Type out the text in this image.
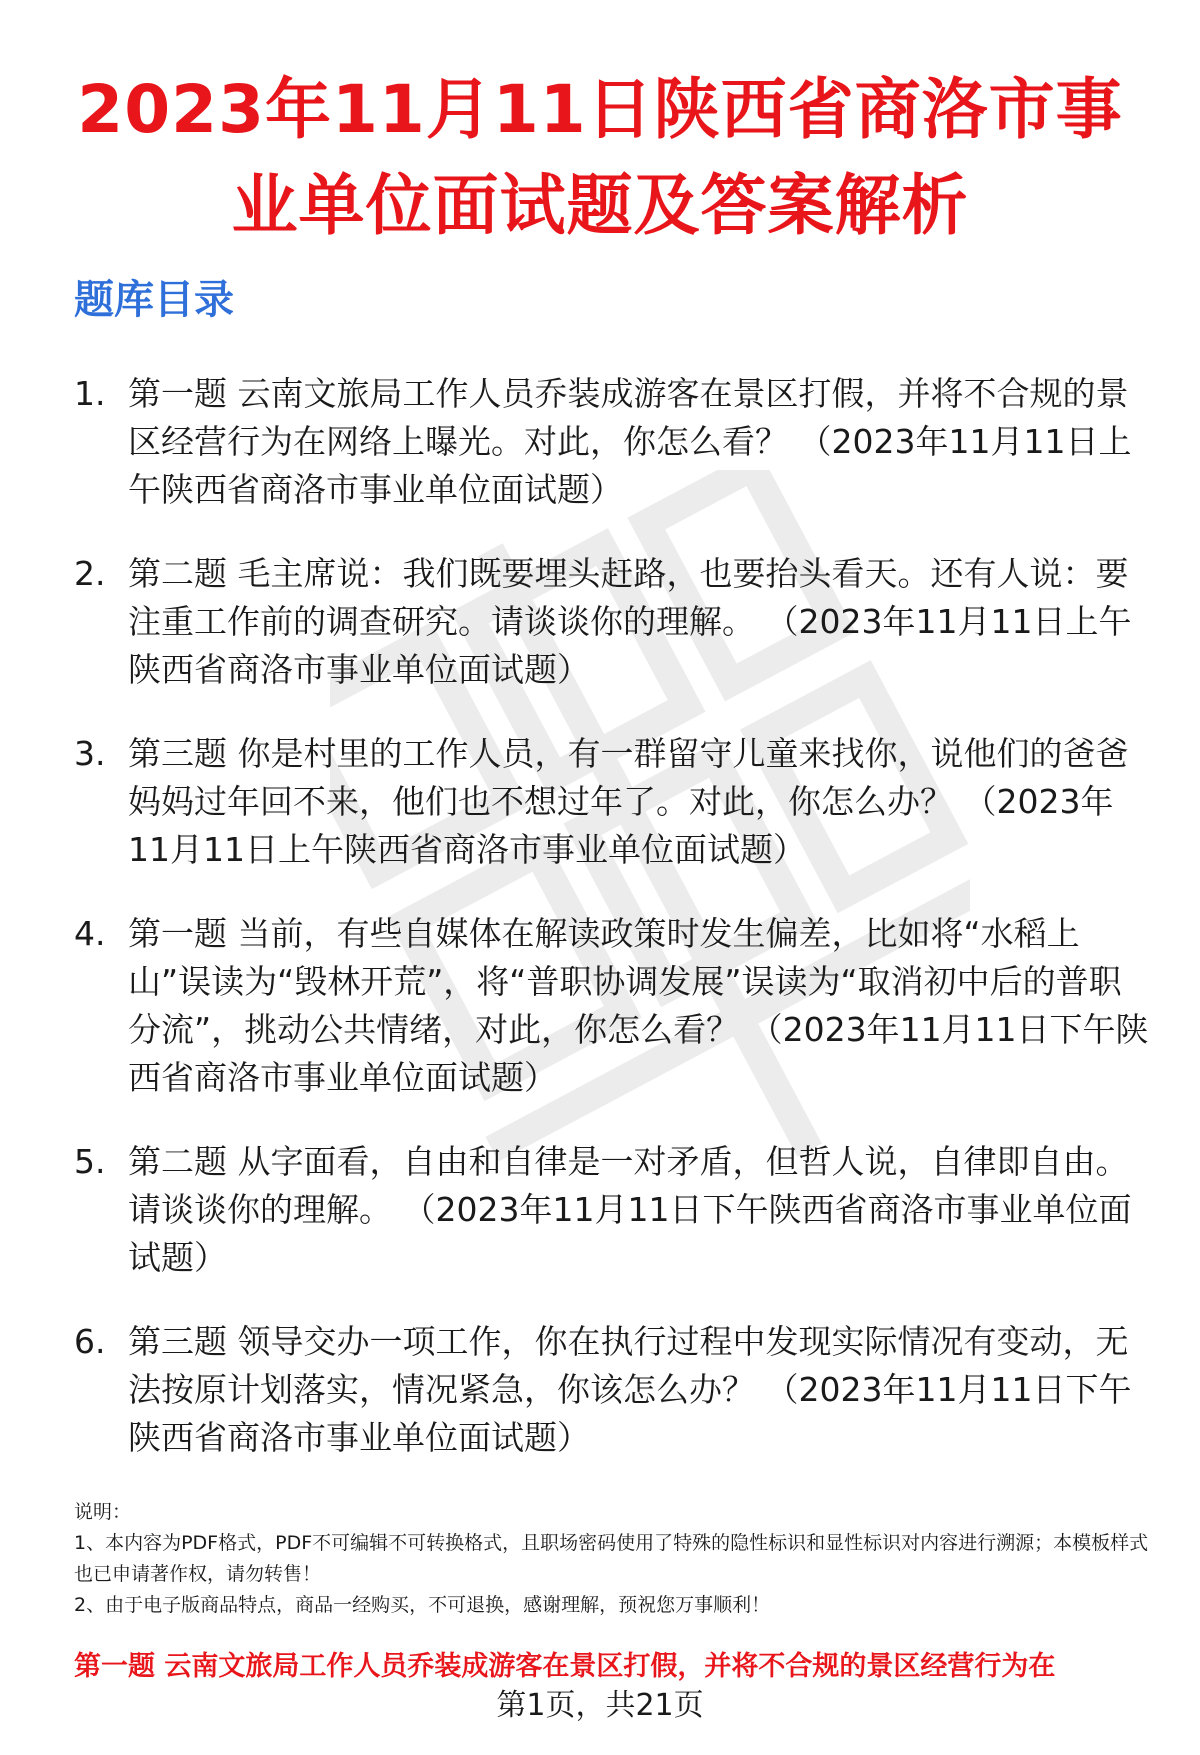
2023年11月11日陕西省商洛市事
业单位面试题及答案解析
题库目录
1. 第一题 云南文旅局工作人员乔装成游客在景区打假，并将不合规的景区经营行为在网络上曝光。对此，你怎么看？ （2023年11月11日上午陕西省商洛市事业单位面试题）
2. 第二题 毛主席说：我们既要埋头赶路，也要抬头看天。还有人说：要注重工作前的调查研究。请谈谈你的理解。 （2023年11月11日上午陕西省商洛市事业单位面试题）
3. 第三题 你是村里的工作人员，有一群留守儿童来找你，说他们的爸爸妈妈过年回不来，他们也不想过年了。对此，你怎么办？ （2023年11月11日上午陕西省商洛市事业单位面试题）
4. 第一题 当前，有些自媒体在解读政策时发生偏差，比如将“水稻上山”误读为“毁林开荒”，将“普职协调发展”误读为“取消初中后的普职分流”，挑动公共情绪，对此，你怎么看？ （2023年11月11日下午陕西省商洛市事业单位面试题）
5. 第二题 从字面看，自由和自律是一对矛盾，但哲人说，自律即自由。请谈谈你的理解。 （2023年11月11日下午陕西省商洛市事业单位面试题）
6. 第三题 领导交办一项工作，你在执行过程中发现实际情况有变动，无法按原计划落实，情况紧急，你该怎么办？ （2023年11月11日下午陕西省商洛市事业单位面试题）

说明：

1、本内容为PDF格式，PDF不可编辑不可转换格式，且职场密码使用了特殊的隐性标识和显性标识对内容进行溯源；本模板样式也已申请著作权，请勿转售！

2、由于电子版商品特点，商品一经购买，不可退换，感谢理解，预祝您万事顺利！

第一题 云南文旅局工作人员乔装成游客在景区打假，并将不合规的景区经营行为在
第1页，共21页
